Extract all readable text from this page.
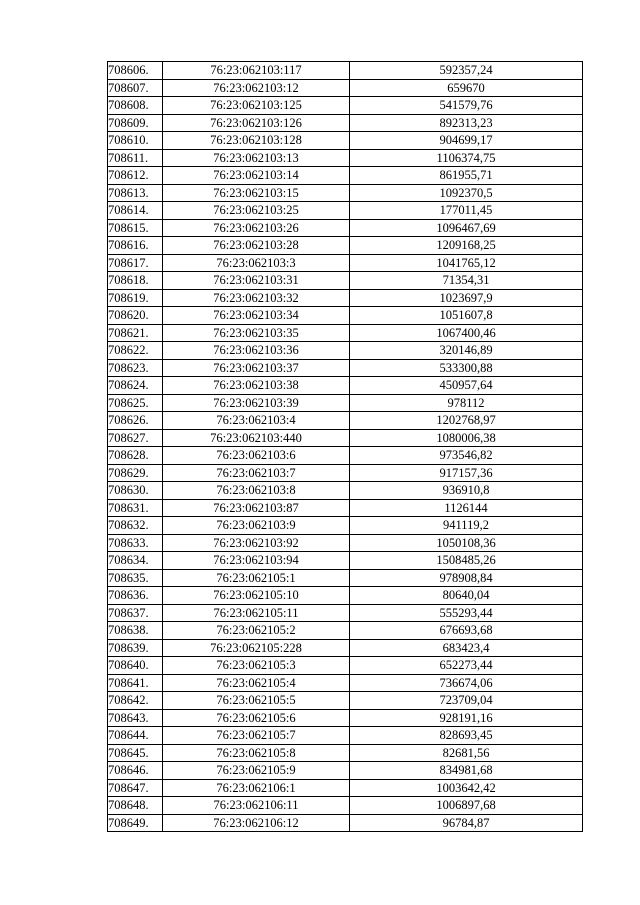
708606.	76:23:062103:117	592357,24
708607.	76:23:062103:12	659670
708608.	76:23:062103:125	541579,76
708609.	76:23:062103:126	892313,23
708610.	76:23:062103:128	904699,17
708611.	76:23:062103:13	1106374,75
708612.	76:23:062103:14	861955,71
708613.	76:23:062103:15	1092370,5
708614.	76:23:062103:25	177011,45
708615.	76:23:062103:26	1096467,69
708616.	76:23:062103:28	1209168,25
708617.	76:23:062103:3	1041765,12
708618.	76:23:062103:31	71354,31
708619.	76:23:062103:32	1023697,9
708620.	76:23:062103:34	1051607,8
708621.	76:23:062103:35	1067400,46
708622.	76:23:062103:36	320146,89
708623.	76:23:062103:37	533300,88
708624.	76:23:062103:38	450957,64
708625.	76:23:062103:39	978112
708626.	76:23:062103:4	1202768,97
708627.	76:23:062103:440	1080006,38
708628.	76:23:062103:6	973546,82
708629.	76:23:062103:7	917157,36
708630.	76:23:062103:8	936910,8
708631.	76:23:062103:87	1126144
708632.	76:23:062103:9	941119,2
708633.	76:23:062103:92	1050108,36
708634.	76:23:062103:94	1508485,26
708635.	76:23:062105:1	978908,84
708636.	76:23:062105:10	80640,04
708637.	76:23:062105:11	555293,44
708638.	76:23:062105:2	676693,68
708639.	76:23:062105:228	683423,4
708640.	76:23:062105:3	652273,44
708641.	76:23:062105:4	736674,06
708642.	76:23:062105:5	723709,04
708643.	76:23:062105:6	928191,16
708644.	76:23:062105:7	828693,45
708645.	76:23:062105:8	82681,56
708646.	76:23:062105:9	834981,68
708647.	76:23:062106:1	1003642,42
708648.	76:23:062106:11	1006897,68
708649.	76:23:062106:12	96784,87
